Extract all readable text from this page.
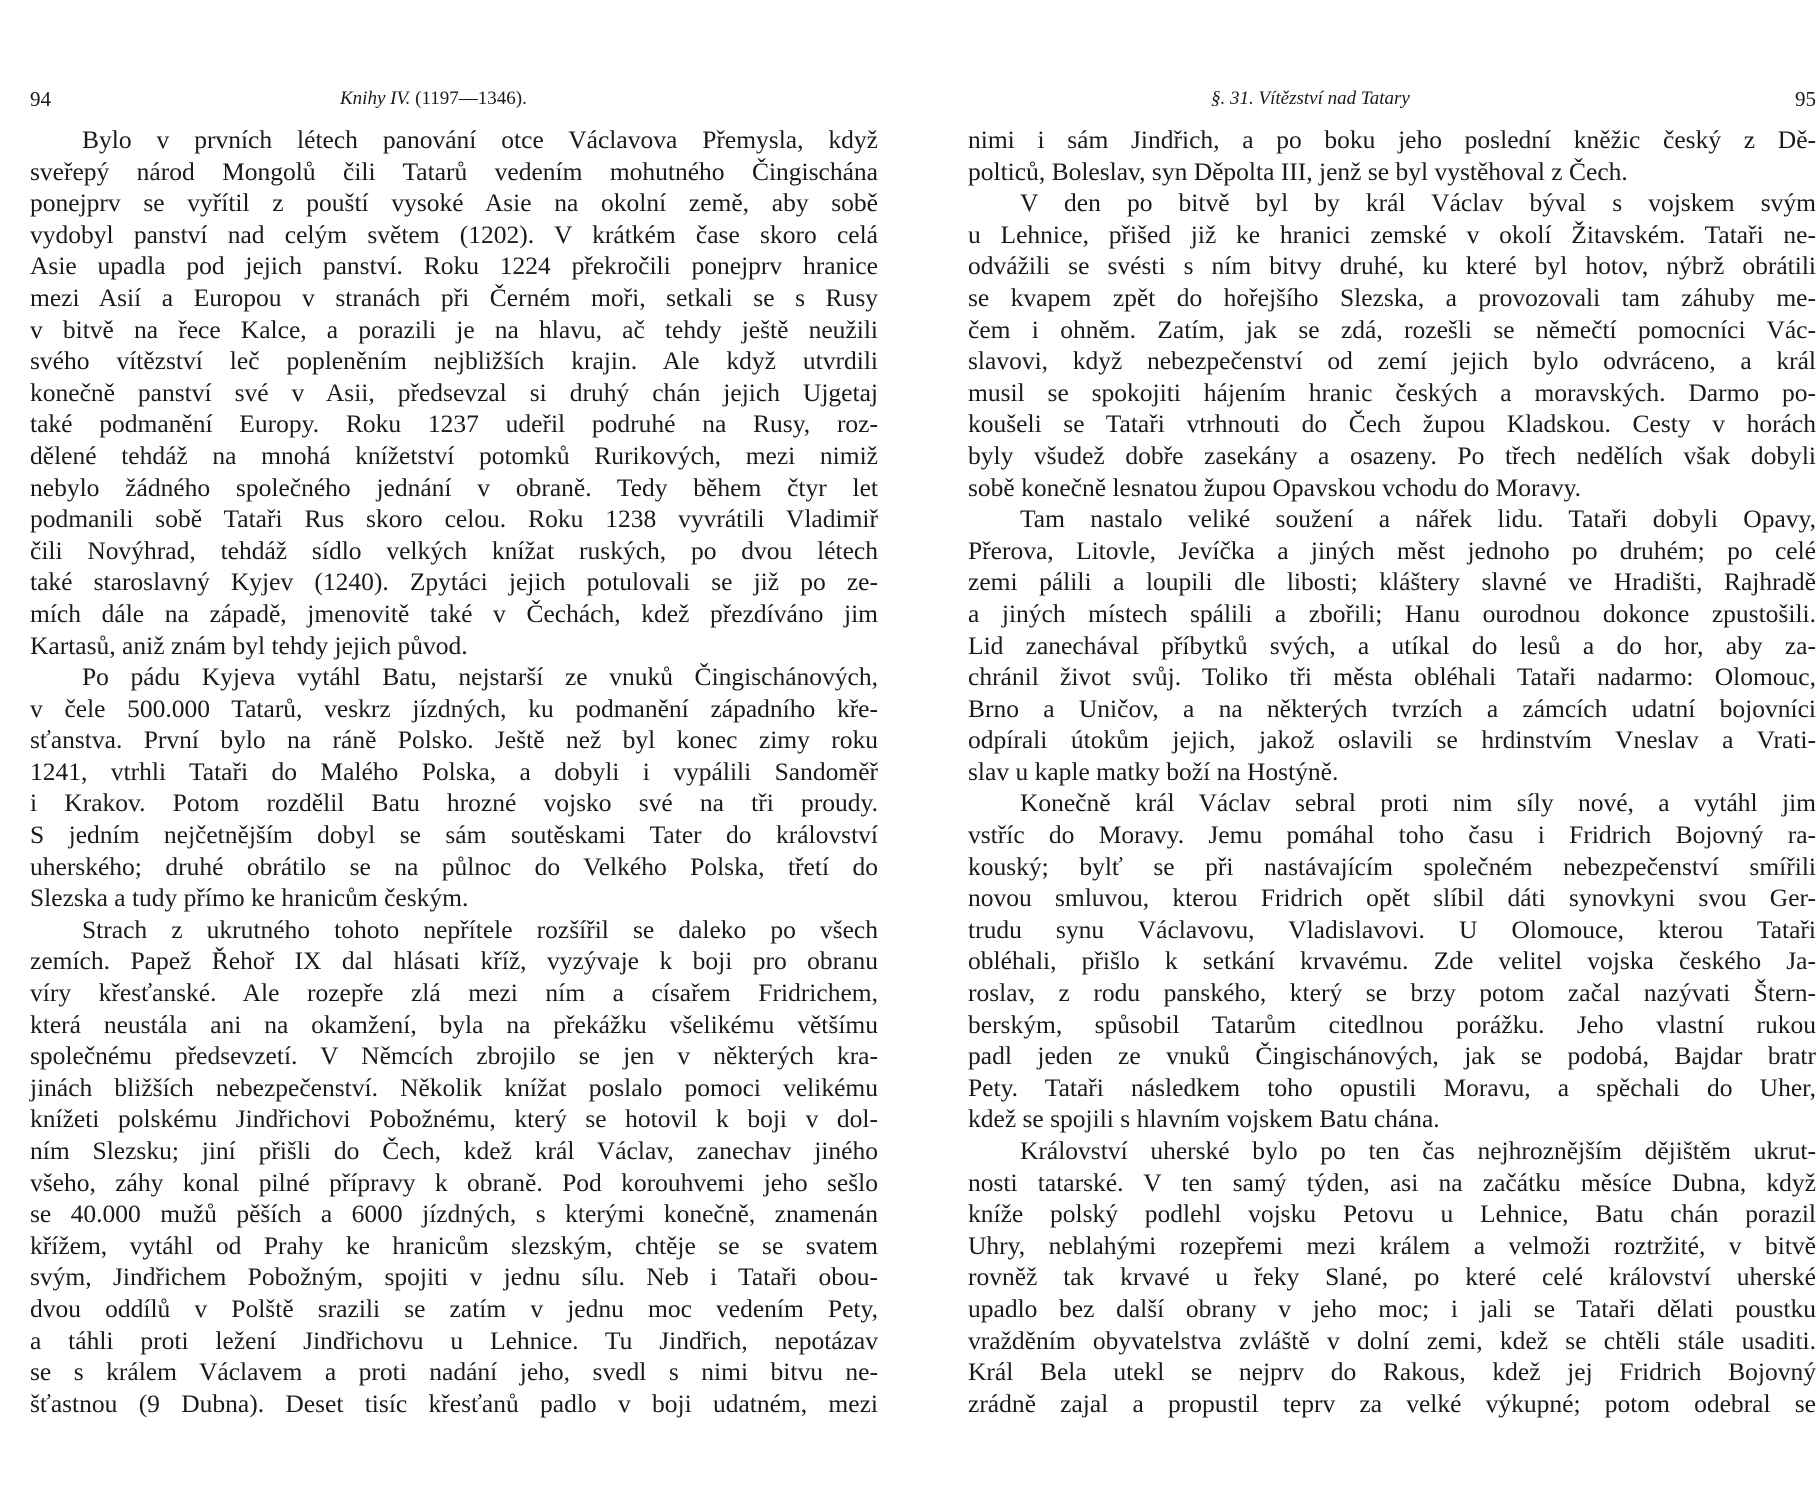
94	Knihy IV. (1197—1346).

Bylo v prvních létech panování otce Václavova Přemysla, když
sveřepý národ Mongolů čili Tatarů vedením mohutného Čingischána
ponejprv se vyřítil z pouští vysoké Asie na okolní země, aby sobě
vydobyl panství nad celým světem (1202). V krátkém čase skoro celá
Asie upadla pod jejich panství. Roku 1224 překročili ponejprv hranice
mezi Asií a Europou v stranách při Černém moři, setkali se s Rusy
v bitvě na řece Kalce, a porazili je na hlavu, ač tehdy ještě neužili
svého vítězství leč popleněním nejbližších krajin. Ale když utvrdili
konečně panství své v Asii, předsevzal si druhý chán jejich Ujgetaj
také podmanění Europy. Roku 1237 udeřil podruhé na Rusy, roz-
dělené tehdáž na mnohá knížetství potomků Rurikových, mezi nimiž
nebylo žádného společného jednání v obraně. Tedy během čtyr let
podmanili sobě Tataři Rus skoro celou. Roku 1238 vyvrátili Vladimiř
čili Novýhrad, tehdáž sídlo velkých knížat ruských, po dvou létech
také staroslavný Kyjev (1240). Zpytáci jejich potulovali se již po ze-
mích dále na západě, jmenovitě také v Čechách, kdež přezdíváno jim
Kartasů, aniž znám byl tehdy jejich původ.

Po pádu Kyjeva vytáhl Batu, nejstarší ze vnuků Čingischánových,
v čele 500.000 Tatarů, veskrz jízdných, ku podmanění západního kře-
sťanstva. První bylo na ráně Polsko. Ještě než byl konec zimy roku
1241, vtrhli Tataři do Malého Polska, a dobyli i vypálili Sandoměř
i Krakov. Potom rozdělil Batu hrozné vojsko své na tři proudy.
S jedním nejčetnějším dobyl se sám soutěskami Tater do království
uherského; druhé obrátilo se na půlnoc do Velkého Polska, třetí do
Slezska a tudy přímo ke hranicům českým.

Strach z ukrutného tohoto nepřítele rozšířil se daleko po všech
zemích. Papež Řehoř IX dal hlásati kříž, vyzývaje k boji pro obranu
víry křesťanské. Ale rozepře zlá mezi ním a císařem Fridrichem,
která neustála ani na okamžení, byla na překážku všelikému většímu
společnému předsevzetí. V Němcích zbrojilo se jen v některých kra-
jinách bližších nebezpečenství. Několik knížat poslalo pomoci velikému
knížeti polskému Jindřichovi Pobožnému, který se hotovil k boji v dol-
ním Slezsku; jiní přišli do Čech, kdež král Václav, zanechav jiného
všeho, záhy konal pilné přípravy k obraně. Pod korouhvemi jeho sešlo
se 40.000 mužů pěších a 6000 jízdných, s kterými konečně, znamenán
křížem, vytáhl od Prahy ke hranicům slezským, chtěje se se svatem
svým, Jindřichem Pobožným, spojiti v jednu sílu. Neb i Tataři obou-
dvou oddílů v Polště srazili se zatím v jednu moc vedením Pety,
a táhli proti ležení Jindřichovu u Lehnice. Tu Jindřich, nepotázav
se s králem Václavem a proti nadání jeho, svedl s nimi bitvu ne-
šťastnou (9 Dubna). Deset tisíc křesťanů padlo v boji udatném, mezi

§. 31. Vítězství nad Tatary	95

nimi i sám Jindřich, a po boku jeho poslední kněžic český z Dě-
polticů, Boleslav, syn Děpolta III, jenž se byl vystěhoval z Čech.

V den po bitvě byl by král Václav býval s vojskem svým
u Lehnice, přišed již ke hranici zemské v okolí Žitavském. Tataři ne-
odvážili se svésti s ním bitvy druhé, ku které byl hotov, nýbrž obrátili
se kvapem zpět do hořejšího Slezska, a provozovali tam záhuby me-
čem i ohněm. Zatím, jak se zdá, rozešli se němečtí pomocníci Vác-
slavovi, když nebezpečenství od zemí jejich bylo odvráceno, a král
musil se spokojiti hájením hranic českých a moravských. Darmo po-
koušeli se Tataři vtrhnouti do Čech župou Kladskou. Cesty v horách
byly všudež dobře zasekány a osazeny. Po třech nedělích však dobyli
sobě konečně lesnatou župou Opavskou vchodu do Moravy.

Tam nastalo veliké soužení a nářek lidu. Tataři dobyli Opavy,
Přerova, Litovle, Jevíčka a jiných měst jednoho po druhém; po celé
zemi pálili a loupili dle libosti; kláštery slavné ve Hradišti, Rajhradě
a jiných místech spálili a zbořili; Hanu ourodnou dokonce zpustošili.
Lid zanechával příbytků svých, a utíkal do lesů a do hor, aby za-
chránil život svůj. Toliko tři města obléhali Tataři nadarmo: Olomouc,
Brno a Uničov, a na některých tvrzích a zámcích udatní bojovníci
odpírali útokům jejich, jakož oslavili se hrdinstvím Vneslav a Vrati-
slav u kaple matky boží na Hostýně.

Konečně král Václav sebral proti nim síly nové, a vytáhl jim
vstříc do Moravy. Jemu pomáhal toho času i Fridrich Bojovný ra-
kouský; bylť se při nastávajícím společném nebezpečenství smířili
novou smluvou, kterou Fridrich opět slíbil dáti synovkyni svou Ger-
trudu synu Václavovu, Vladislavovi. U Olomouce, kterou Tataři
obléhali, přišlo k setkání krvavému. Zde velitel vojska českého Ja-
roslav, z rodu panského, který se brzy potom začal nazývati Štern-
berským, spůsobil Tatarům citedlnou porážku. Jeho vlastní rukou
padl jeden ze vnuků Čingischánových, jak se podobá, Bajdar bratr
Pety. Tataři následkem toho opustili Moravu, a spěchali do Uher,
kdež se spojili s hlavním vojskem Batu chána.

Království uherské bylo po ten čas nejhroznějším dějištěm ukrut-
nosti tatarské. V ten samý týden, asi na začátku měsíce Dubna, když
kníže polský podlehl vojsku Petovu u Lehnice, Batu chán porazil
Uhry, neblahými rozepřemi mezi králem a velmoži roztržité, v bitvě
rovněž tak krvavé u řeky Slané, po které celé království uherské
upadlo bez další obrany v jeho moc; i jali se Tataři dělati poustku
vražděním obyvatelstva zvláště v dolní zemi, kdež se chtěli stále usaditi.
Král Bela utekl se nejprv do Rakous, kdež jej Fridrich Bojovný
zrádně zajal a propustil teprv za velké výkupné; potom odebral se
